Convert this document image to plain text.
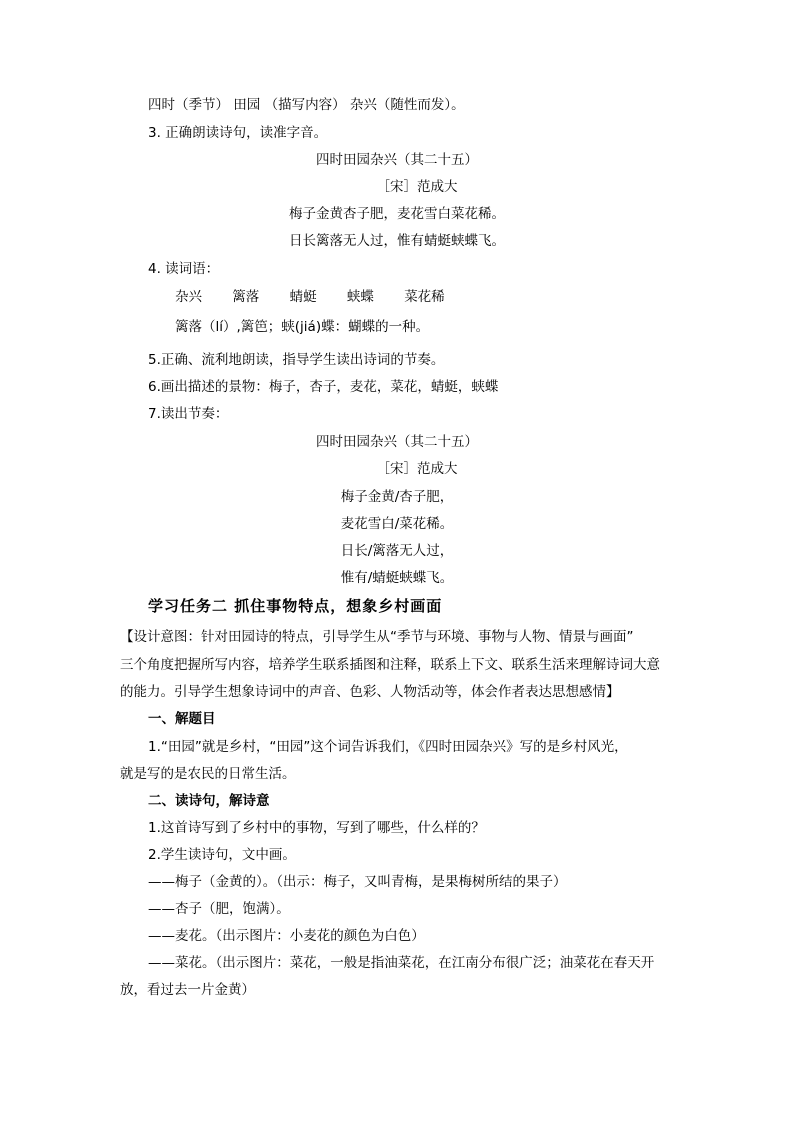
四时（季节） 田园 （描写内容） 杂兴（随性而发）。
3. 正确朗读诗句，读准字音。
四时田园杂兴（其二十五）
［宋］范成大
梅子金黄杏子肥，麦花雪白菜花稀。
日长篱落无人过，惟有蜻蜓蛱蝶飞。
4. 读词语：
杂兴 篱落 蜻蜓 蛱蝶 菜花稀
篱落（lí）,篱笆；蛱(jiá)蝶：蝴蝶的一种。
5.正确、流利地朗读，指导学生读出诗词的节奏。
6.画出描述的景物：梅子，杏子，麦花，菜花，蜻蜓，蛱蝶
7.读出节奏：
四时田园杂兴（其二十五）
［宋］范成大
梅子金黄/杏子肥，
麦花雪白/菜花稀。
日长/篱落无人过，
惟有/蜻蜓蛱蝶飞。
学习任务二 抓住事物特点，想象乡村画面
【设计意图：针对田园诗的特点，引导学生从“季节与环境、事物与人物、情景与画面”
三个角度把握所写内容，培养学生联系插图和注释，联系上下文、联系生活来理解诗词大意
的能力。引导学生想象诗词中的声音、色彩、人物活动等，体会作者表达思想感情】
一、解题目
1.“田园”就是乡村，“田园”这个词告诉我们，《四时田园杂兴》写的是乡村风光，
就是写的是农民的日常生活。
二、读诗句，解诗意
1.这首诗写到了乡村中的事物，写到了哪些，什么样的？
2.学生读诗句，文中画。
——梅子（金黄的）。（出示：梅子，又叫青梅，是果梅树所结的果子）
——杏子（肥，饱满）。
——麦花。（出示图片：小麦花的颜色为白色）
——菜花。（出示图片：菜花，一般是指油菜花，在江南分布很广泛；油菜花在春天开
放，看过去一片金黄）
